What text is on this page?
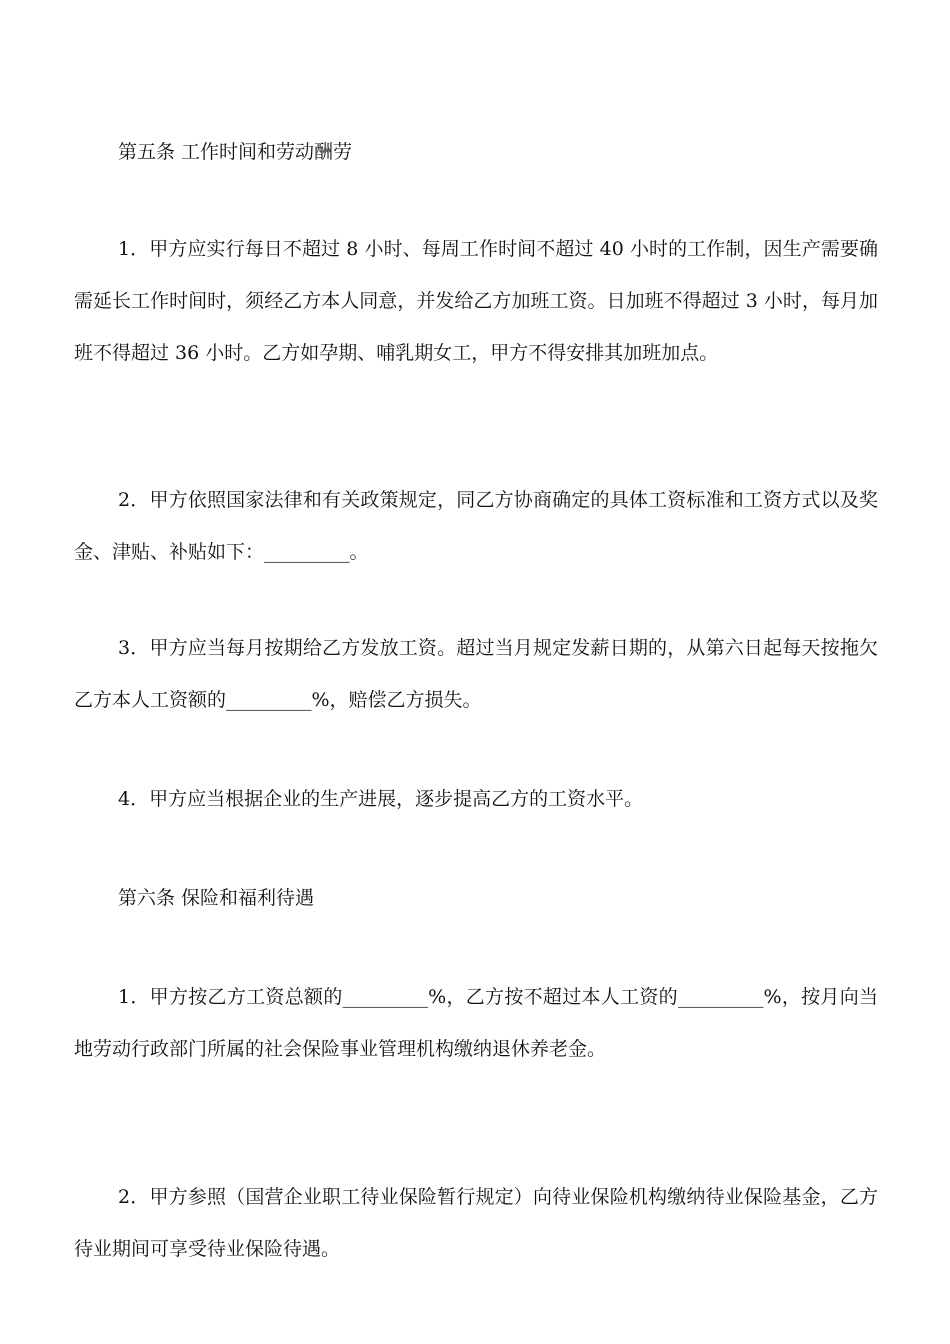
第五条 工作时间和劳动酬劳
1．甲方应实行每日不超过 8 小时、每周工作时间不超过 40 小时的工作制，因生产需要确需延长工作时间时，须经乙方本人同意，并发给乙方加班工资。日加班不得超过 3 小时，每月加班不得超过 36 小时。乙方如孕期、哺乳期女工，甲方不得安排其加班加点。
2．甲方依照国家法律和有关政策规定，同乙方协商确定的具体工资标准和工资方式以及奖金、津贴、补贴如下：_________。
3．甲方应当每月按期给乙方发放工资。超过当月规定发薪日期的，从第六日起每天按拖欠乙方本人工资额的_________%，赔偿乙方损失。
4．甲方应当根据企业的生产进展，逐步提高乙方的工资水平。
第六条 保险和福利待遇
1．甲方按乙方工资总额的_________%，乙方按不超过本人工资的_________%，按月向当地劳动行政部门所属的社会保险事业管理机构缴纳退休养老金。
2．甲方参照（国营企业职工待业保险暂行规定）向待业保险机构缴纳待业保险基金，乙方待业期间可享受待业保险待遇。
